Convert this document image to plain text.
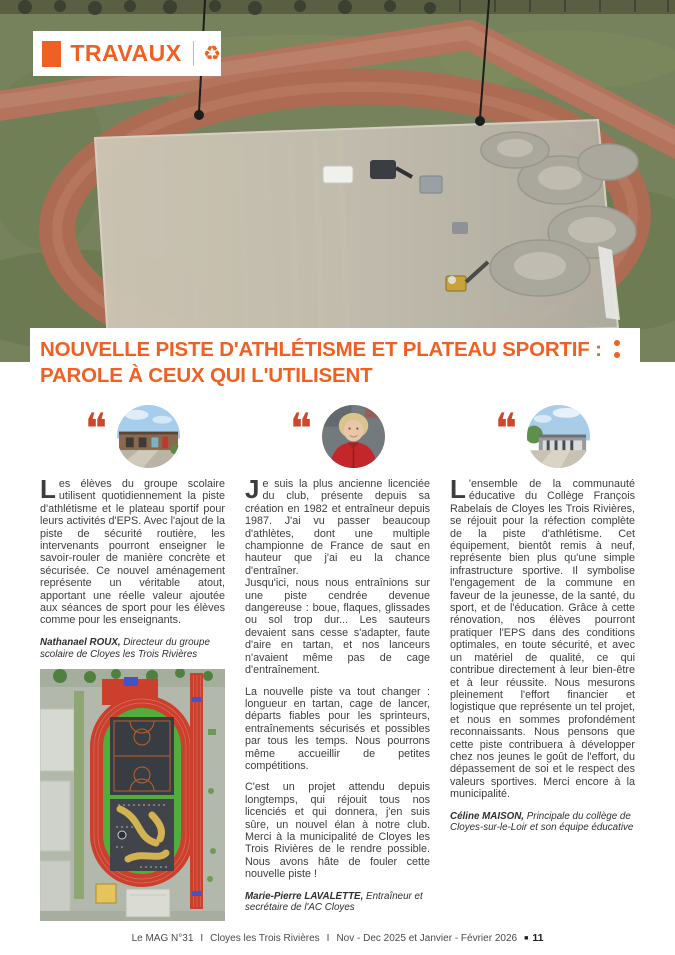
TRAVAUX ♻
NOUVELLE PISTE D'ATHLÉTISME ET PLATEAU SPORTIF :
PAROLE À CEUX QUI L'UTILISENT
❝

Les élèves du groupe scolaire utilisent quotidiennement la piste d'athlétisme et le plateau sportif pour leurs activités d'EPS. Avec l'ajout de la piste de sécurité routière, les intervenants pourront enseigner le savoir-rouler de manière concrète et sécurisée. Ce nouvel aménagement représente un véritable atout, apportant une réelle valeur ajoutée aux séances de sport pour les élèves comme pour les enseignants.

Nathanael ROUX, Directeur du groupe scolaire de Cloyes les Trois Rivières

❝

Je suis la plus ancienne licenciée du club, présente depuis sa création en 1982 et entraîneur depuis 1987. J'ai vu passer beaucoup d'athlètes, dont une multiple championne de France de saut en hauteur que j'ai eu la chance d'entraîner.

Jusqu'ici, nous nous entraînions sur une piste cendrée devenue dangereuse : boue, flaques, glissades ou sol trop dur... Les sauteurs devaient sans cesse s'adapter, faute d'aire en tartan, et nos lanceurs n'avaient même pas de cage d'entraînement.

La nouvelle piste va tout changer : longueur en tartan, cage de lancer, départs fiables pour les sprinteurs, entraînements sécurisés et possibles par tous les temps. Nous pourrons même accueillir de petites compétitions.

C'est un projet attendu depuis longtemps, qui réjouit tous nos licenciés et qui donnera, j'en suis sûre, un nouvel élan à notre club. Merci à la municipalité de Cloyes les Trois Rivières de le rendre possible. Nous avons hâte de fouler cette nouvelle piste !

Marie-Pierre LAVALETTE, Entraîneur et secrétaire de l'AC Cloyes

❝

L 'ensemble de la communauté éducative du Collège François Rabelais de Cloyes les Trois Rivières, se réjouit pour la réfection complète de la piste d'athlétisme. Cet équipement, bientôt remis à neuf, représente bien plus qu'une simple infrastructure sportive. Il symbolise l'engagement de la commune en faveur de la jeunesse, de la santé, du sport, et de l'éducation. Grâce à cette rénovation, nos élèves pourront pratiquer l'EPS dans des conditions optimales, en toute sécurité, et avec un matériel de qualité, ce qui contribue directement à leur bien-être et à leur réussite. Nous mesurons pleinement l'effort financier et logistique que représente un tel projet, et nous en sommes profondément reconnaissants. Nous pensons que cette piste contribuera à développer chez nos jeunes le goût de l'effort, du dépassement de soi et le respect des valeurs sportives. Merci encore à la municipalité.

Céline MAISON, Principale du collège de Cloyes-sur-le-Loir et son équipe éducative

Le MAG N°31 I Cloyes les Trois Rivières I Nov - Dec 2025 et Janvier - Février 2026 ■ 11
